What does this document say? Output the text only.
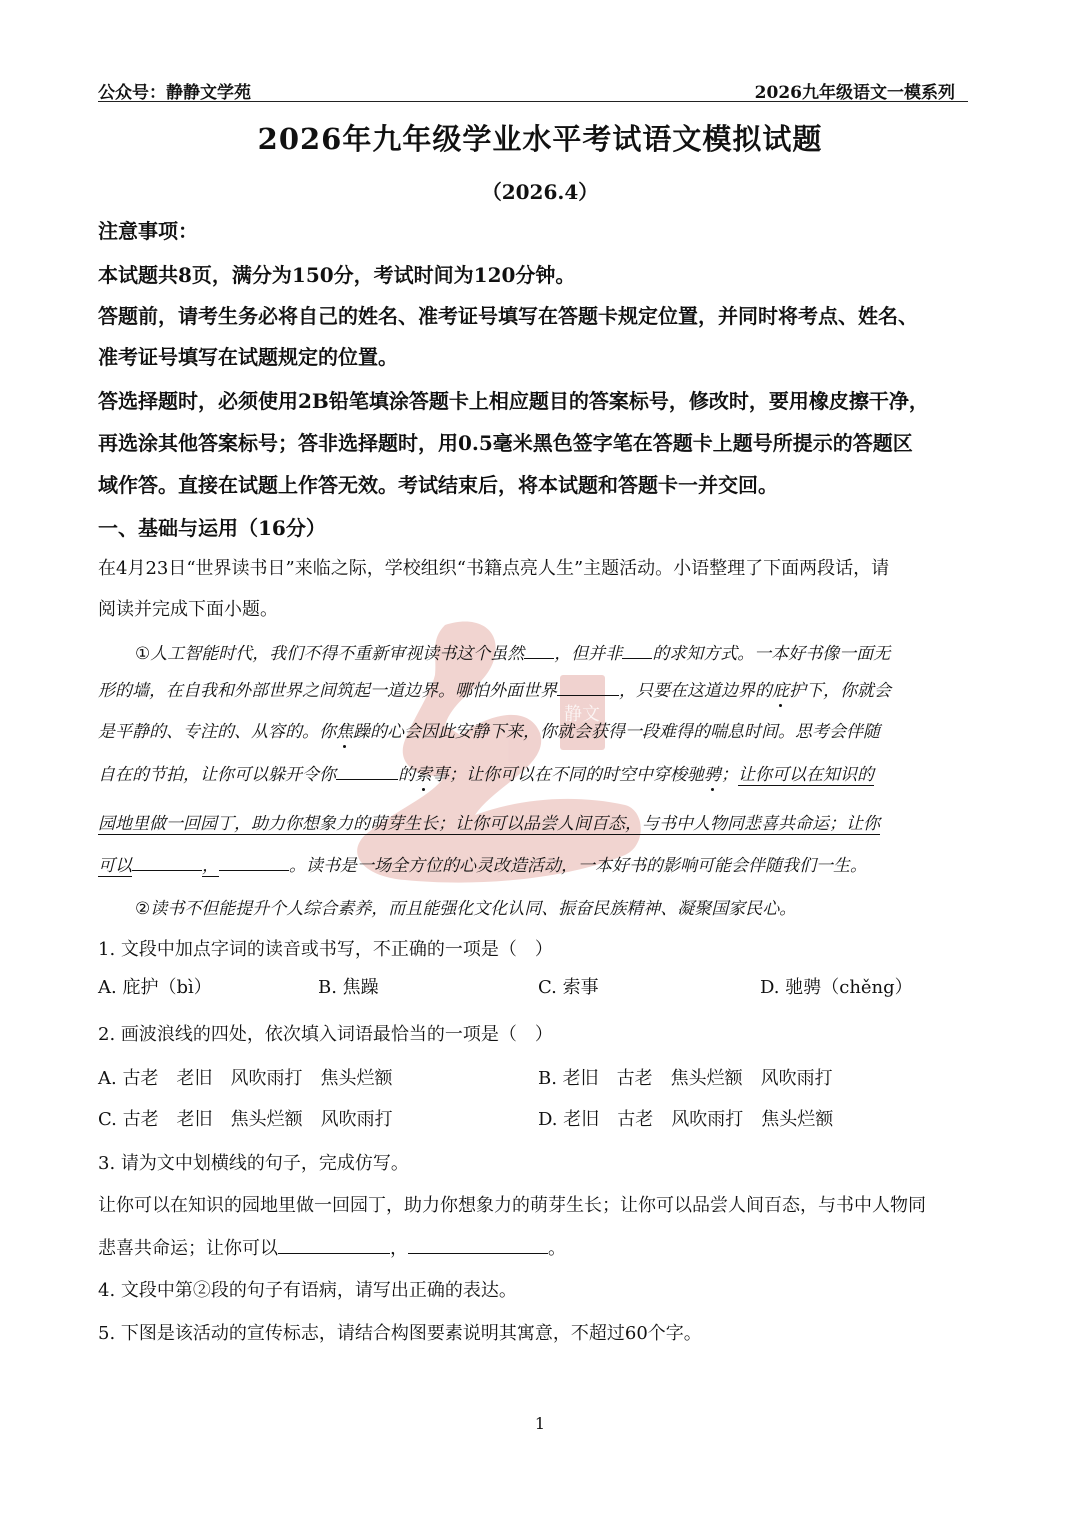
静文
公众号：静静文学苑	2026九年级语文一模系列
2026年九年级学业水平考试语文模拟试题
（2026.4）
注意事项：
本试题共8页，满分为150分，考试时间为120分钟。
答题前，请考生务必将自己的姓名、准考证号填写在答题卡规定位置，并同时将考点、姓名、
准考证号填写在试题规定的位置。
答选择题时，必须使用2B铅笔填涂答题卡上相应题目的答案标号，修改时，要用橡皮擦干净，
再选涂其他答案标号；答非选择题时，用0.5毫米黑色签字笔在答题卡上题号所提示的答题区
域作答。直接在试题上作答无效。考试结束后，将本试题和答题卡一并交回。
一、基础与运用（16分）
在4月23日“世界读书日”来临之际，学校组织“书籍点亮人生”主题活动。小语整理了下面两段话，请
阅读并完成下面小题。
①人工智能时代，我们不得不重新审视读书这个虽然 ，但并非 的求知方式。一本好书像一面无
形的墙，在自我和外部世界之间筑起一道边界。哪怕外面世界	，只要在这道边界的庇护下，你就会
是平静的、专注的、从容的。你焦躁的心会因此安静下来，你就会获得一段难得的喘息时间。思考会伴随
自在的节拍，让你可以躲开令你	的索事；让你可以在不同的时空中穿梭驰骋；让你可以在知识的
园地里做一回园丁，助力你想象力的萌芽生长；让你可以品尝人间百态，与书中人物同悲喜共命运；让你
可以	，	。读书是一场全方位的心灵改造活动，一本好书的影响可能会伴随我们一生。
②读书不但能提升个人综合素养，而且能强化文化认同、振奋民族精神、凝聚国家民心。
1. 文段中加点字词的读音或书写，不正确的一项是（　）
A. 庇护（bì）	B. 焦躁	C. 索事	D. 驰骋（chěng）
2. 画波浪线的四处，依次填入词语最恰当的一项是（　）
A. 古老　老旧　风吹雨打　焦头烂额	B. 老旧　古老　焦头烂额　风吹雨打
C. 古老　老旧　焦头烂额　风吹雨打	D. 老旧　古老　风吹雨打　焦头烂额
3. 请为文中划横线的句子，完成仿写。
让你可以在知识的园地里做一回园丁，助力你想象力的萌芽生长；让你可以品尝人间百态，与书中人物同
悲喜共命运；让你可以	，	。
4. 文段中第②段的句子有语病，请写出正确的表达。
5. 下图是该活动的宣传标志，请结合构图要素说明其寓意，不超过60个字。
1
